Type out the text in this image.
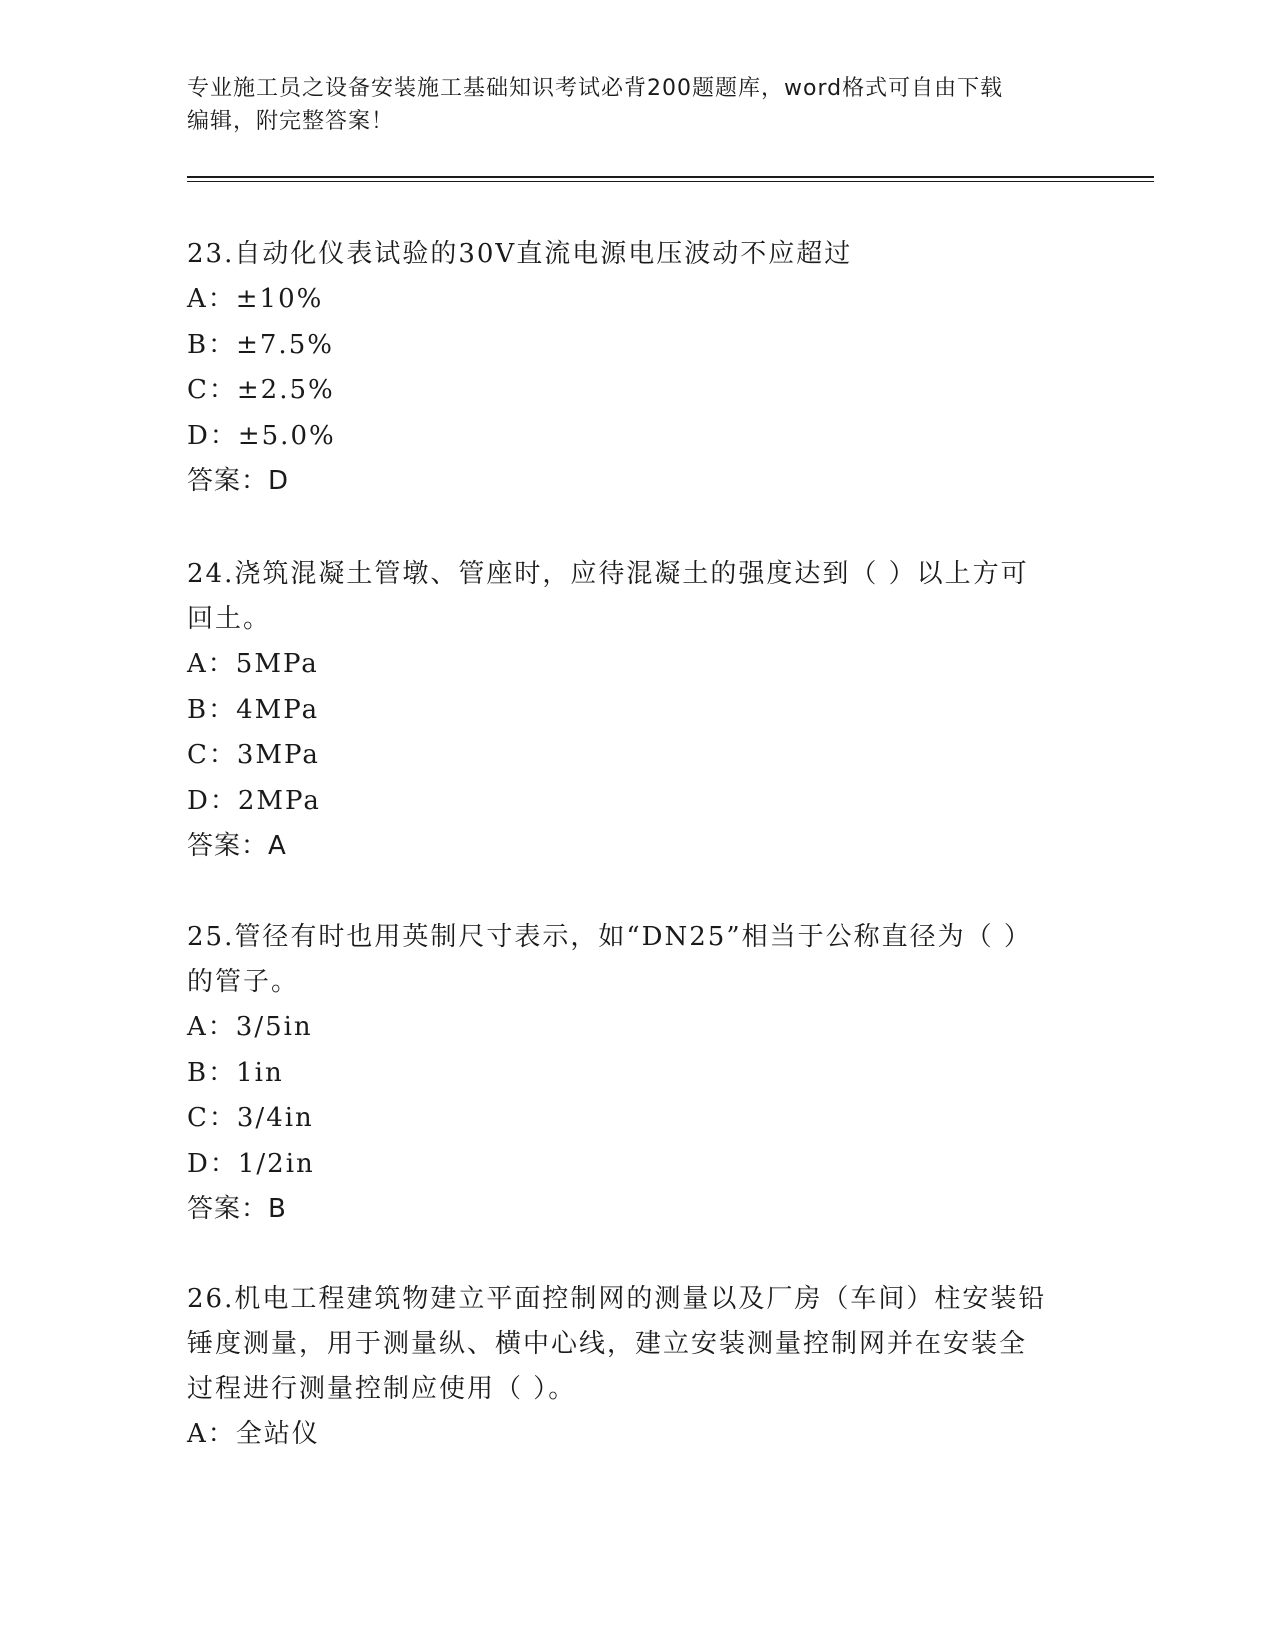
专业施工员之设备安装施工基础知识考试必背200题题库，word格式可自由下载
编辑，附完整答案！

23.自动化仪表试验的30V直流电源电压波动不应超过

A：±10%

B：±7.5%

C：±2.5%

D：±5.0%

答案：D

24.浇筑混凝土管墩、管座时，应待混凝土的强度达到（ ）以上方可

回土。

A：5MPa

B：4MPa

C：3MPa

D：2MPa

答案：A

25.管径有时也用英制尺寸表示，如“DN25”相当于公称直径为（ ）

的管子。

A：3/5in

B：1in

C：3/4in

D：1/2in

答案：B

26.机电工程建筑物建立平面控制网的测量以及厂房（车间）柱安装铅

锤度测量，用于测量纵、横中心线，建立安装测量控制网并在安装全

过程进行测量控制应使用（ ）。

A：全站仪
